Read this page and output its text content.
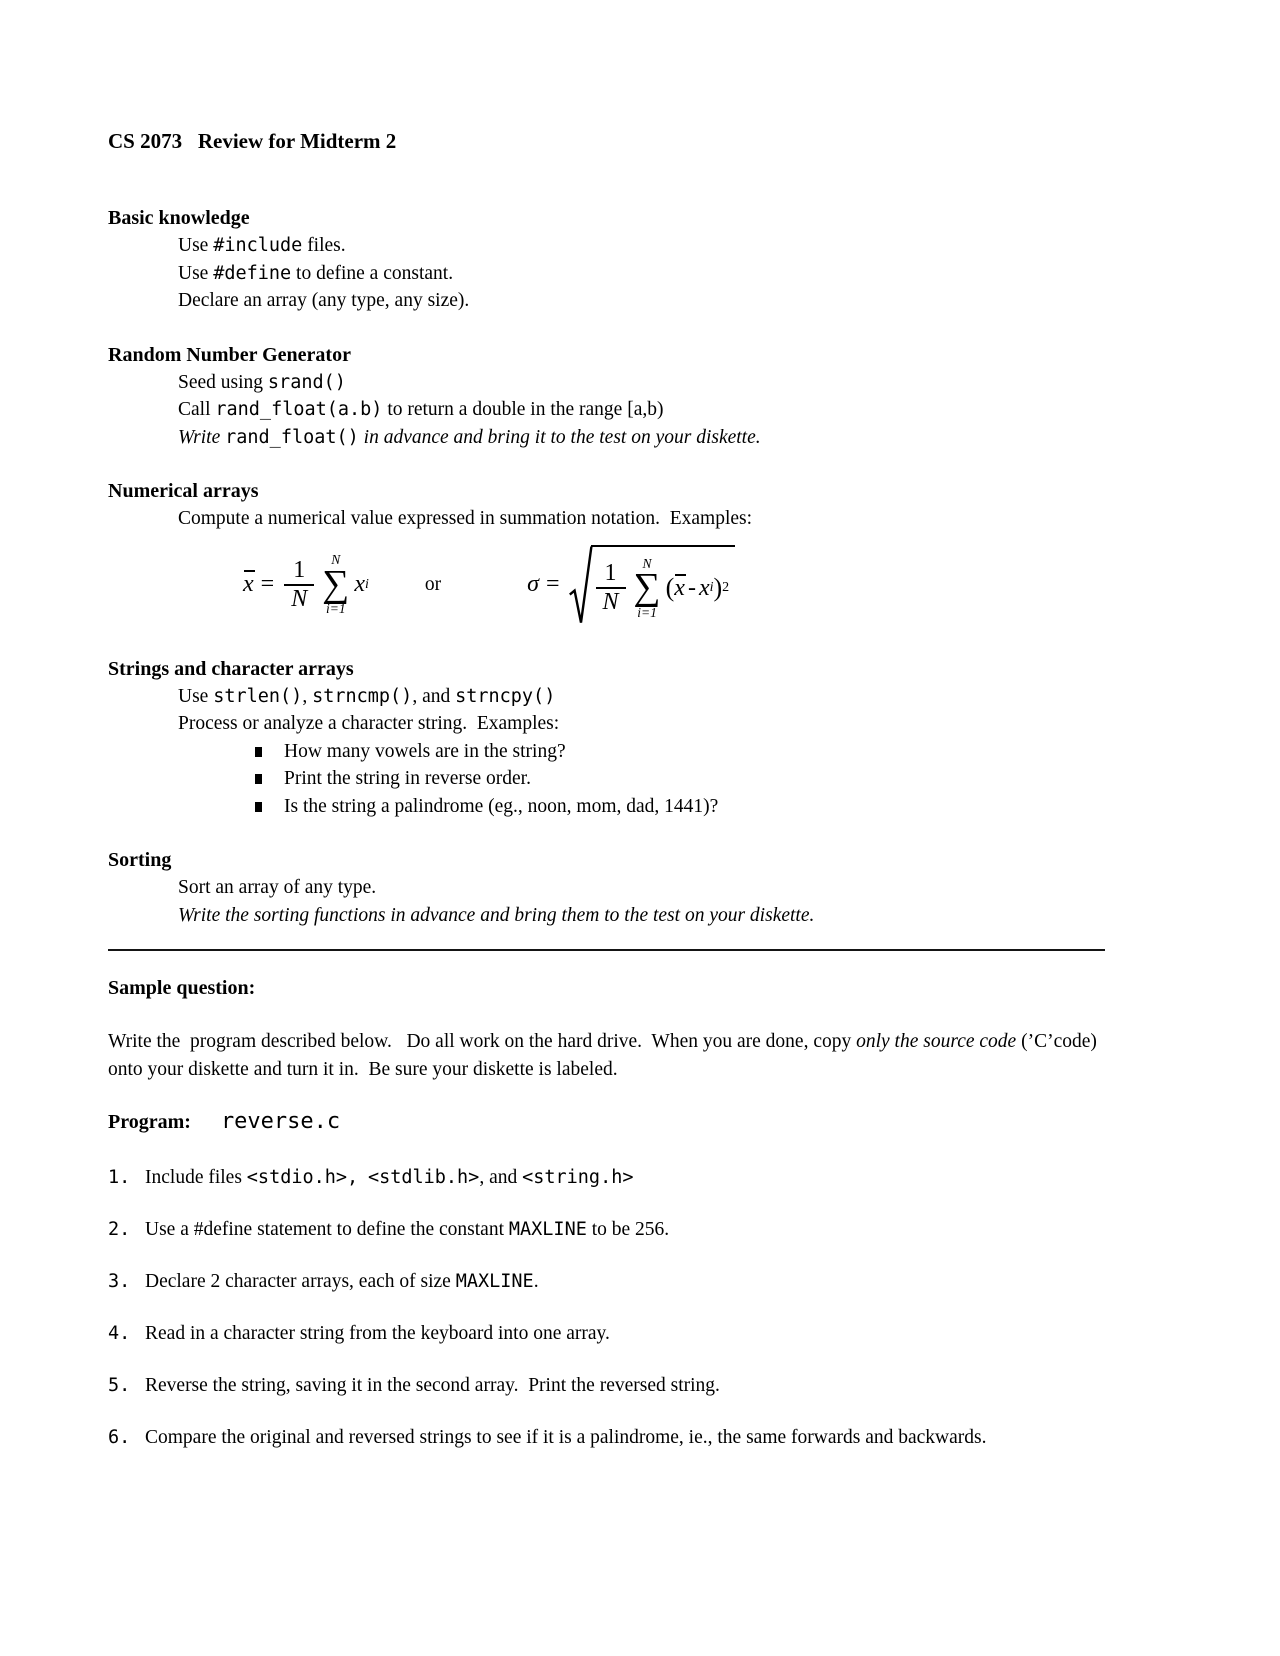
CS 2073   Review for Midterm 2
Basic knowledge
Use #include files.
Use #define to define a constant.
Declare an array (any type, any size).
Random Number Generator
Seed using srand()
Call rand_float(a.b) to return a double in the range [a,b)
Write rand_float() in advance and bring it to the test on your diskette.
Numerical arrays
Compute a numerical value expressed in summation notation.  Examples:
$x = \frac{1}{N}$ N
∑
i=1
x i	or	$\sigma = \frac{1}{N}$ N
∑
i=1
( x - x i ) 2
Strings and character arrays
Use strlen(), strncmp(), and strncpy()
Process or analyze a character string.  Examples:
How many vowels are in the string?
Print the string in reverse order.
Is the string a palindrome (eg., noon, mom, dad, 1441)?
Sorting
Sort an array of any type.
Write the sorting functions in advance and bring them to the test on your diskette.
Sample question:

Write the  program described below.   Do all work on the hard drive.  When you are done, copy only the source code (’C’code) onto your diskette and turn it in.  Be sure your diskette is labeled.

Program: reverse.c
1. Include files <stdio.h>, <stdlib.h>, and <string.h>
2. Use a #define statement to define the constant MAXLINE to be 256.
3. Declare 2 character arrays, each of size MAXLINE.
4. Read in a character string from the keyboard into one array.
5. Reverse the string, saving it in the second array.  Print the reversed string.
6. Compare the original and reversed strings to see if it is a palindrome, ie., the same forwards and backwards.
